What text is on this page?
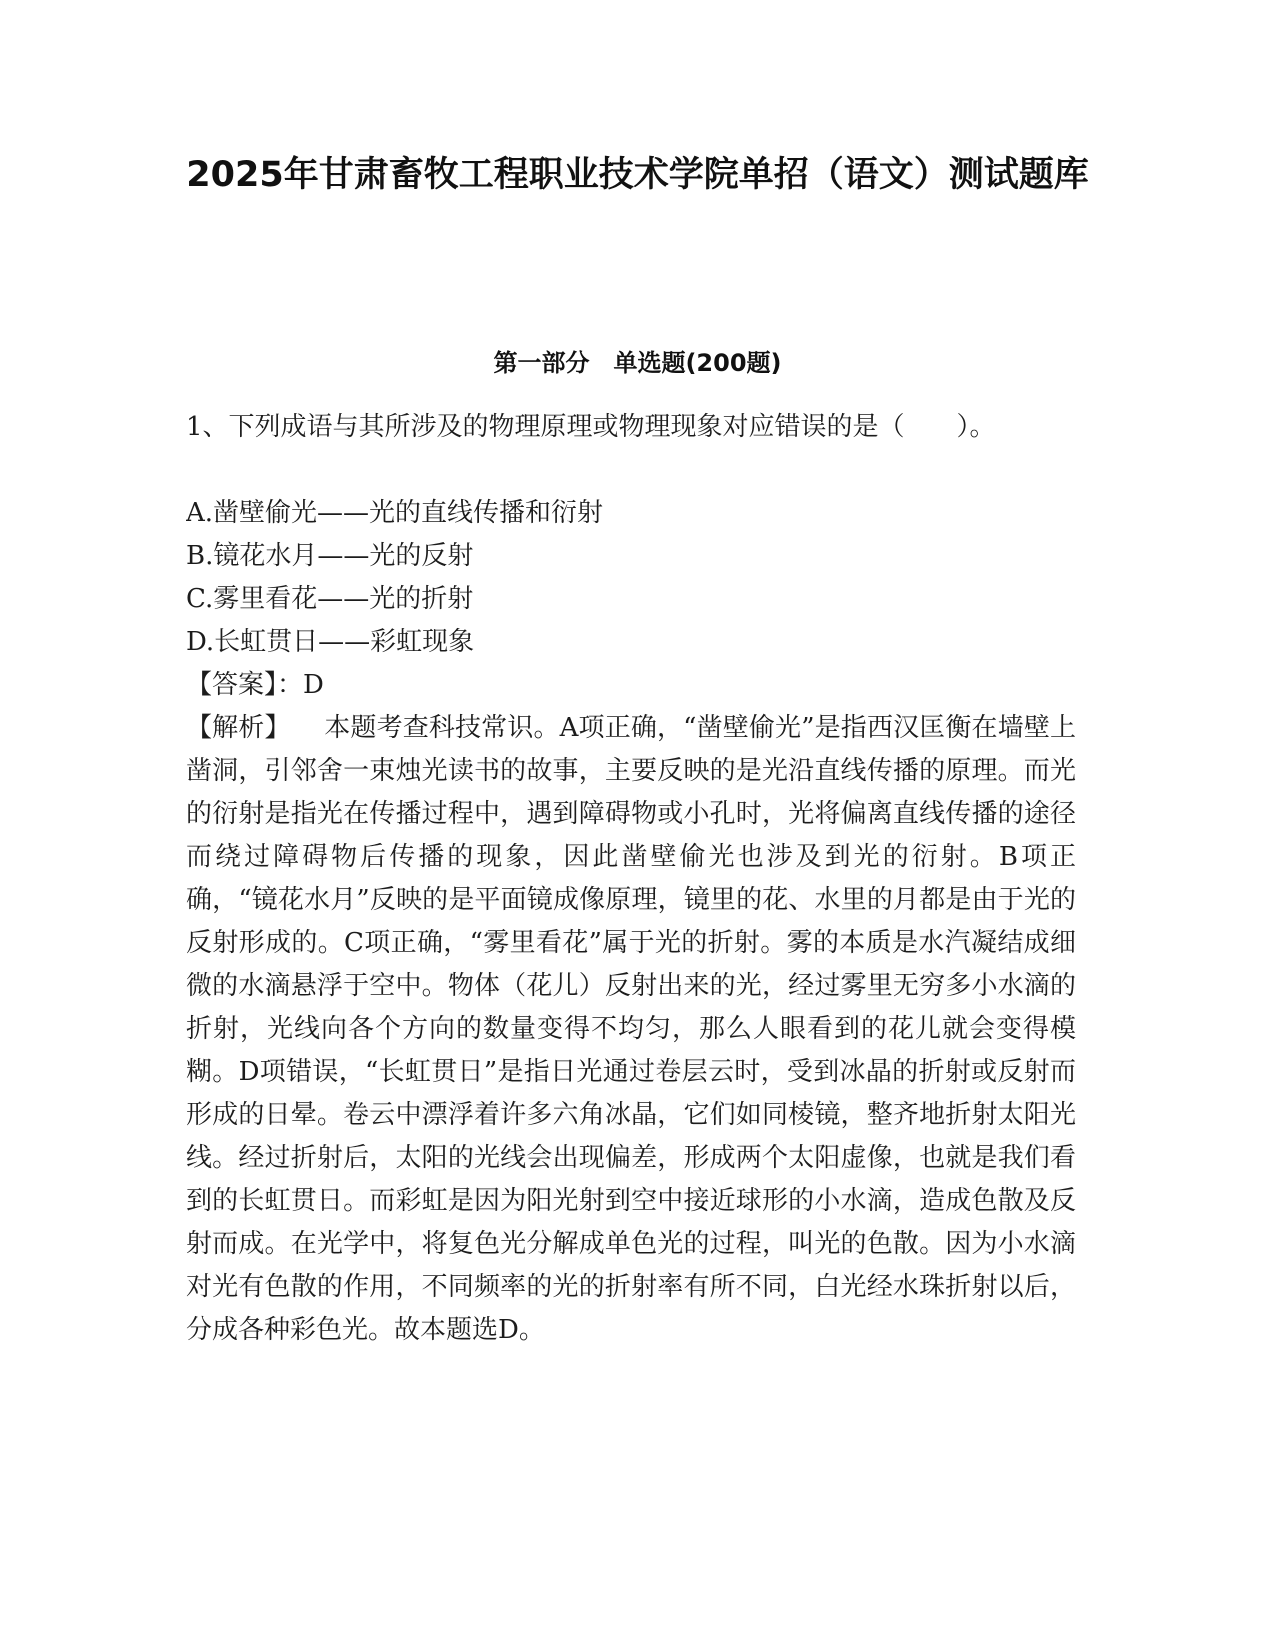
2025年甘肃畜牧工程职业技术学院单招（语文）测试题库
第一部分　单选题(200题)
1、下列成语与其所涉及的物理原理或物理现象对应错误的是（　　）。
A.凿壁偷光——光的直线传播和衍射
B.镜花水月——光的反射
C.雾里看花——光的折射
D.长虹贯日——彩虹现象
【答案】：D
【解析】 本题考查科技常识。A项正确，“凿壁偷光”是指西汉匡衡在墙壁上凿洞，引邻舍一束烛光读书的故事，主要反映的是光沿直线传播的原理。而光的衍射是指光在传播过程中，遇到障碍物或小孔时，光将偏离直线传播的途径而绕过障碍物后传播的现象，因此凿壁偷光也涉及到光的衍射。B项正确，“镜花水月”反映的是平面镜成像原理，镜里的花、水里的月都是由于光的反射形成的。C项正确，“雾里看花”属于光的折射。雾的本质是水汽凝结成细微的水滴悬浮于空中。物体（花儿）反射出来的光，经过雾里无穷多小水滴的折射，光线向各个方向的数量变得不均匀，那么人眼看到的花儿就会变得模糊。D项错误，“长虹贯日”是指日光通过卷层云时，受到冰晶的折射或反射而形成的日晕。卷云中漂浮着许多六角冰晶，它们如同棱镜，整齐地折射太阳光线。经过折射后，太阳的光线会出现偏差，形成两个太阳虚像，也就是我们看到的长虹贯日。而彩虹是因为阳光射到空中接近球形的小水滴，造成色散及反射而成。在光学中，将复色光分解成单色光的过程，叫光的色散。因为小水滴对光有色散的作用，不同频率的光的折射率有所不同，白光经水珠折射以后，分成各种彩色光。故本题选D。
